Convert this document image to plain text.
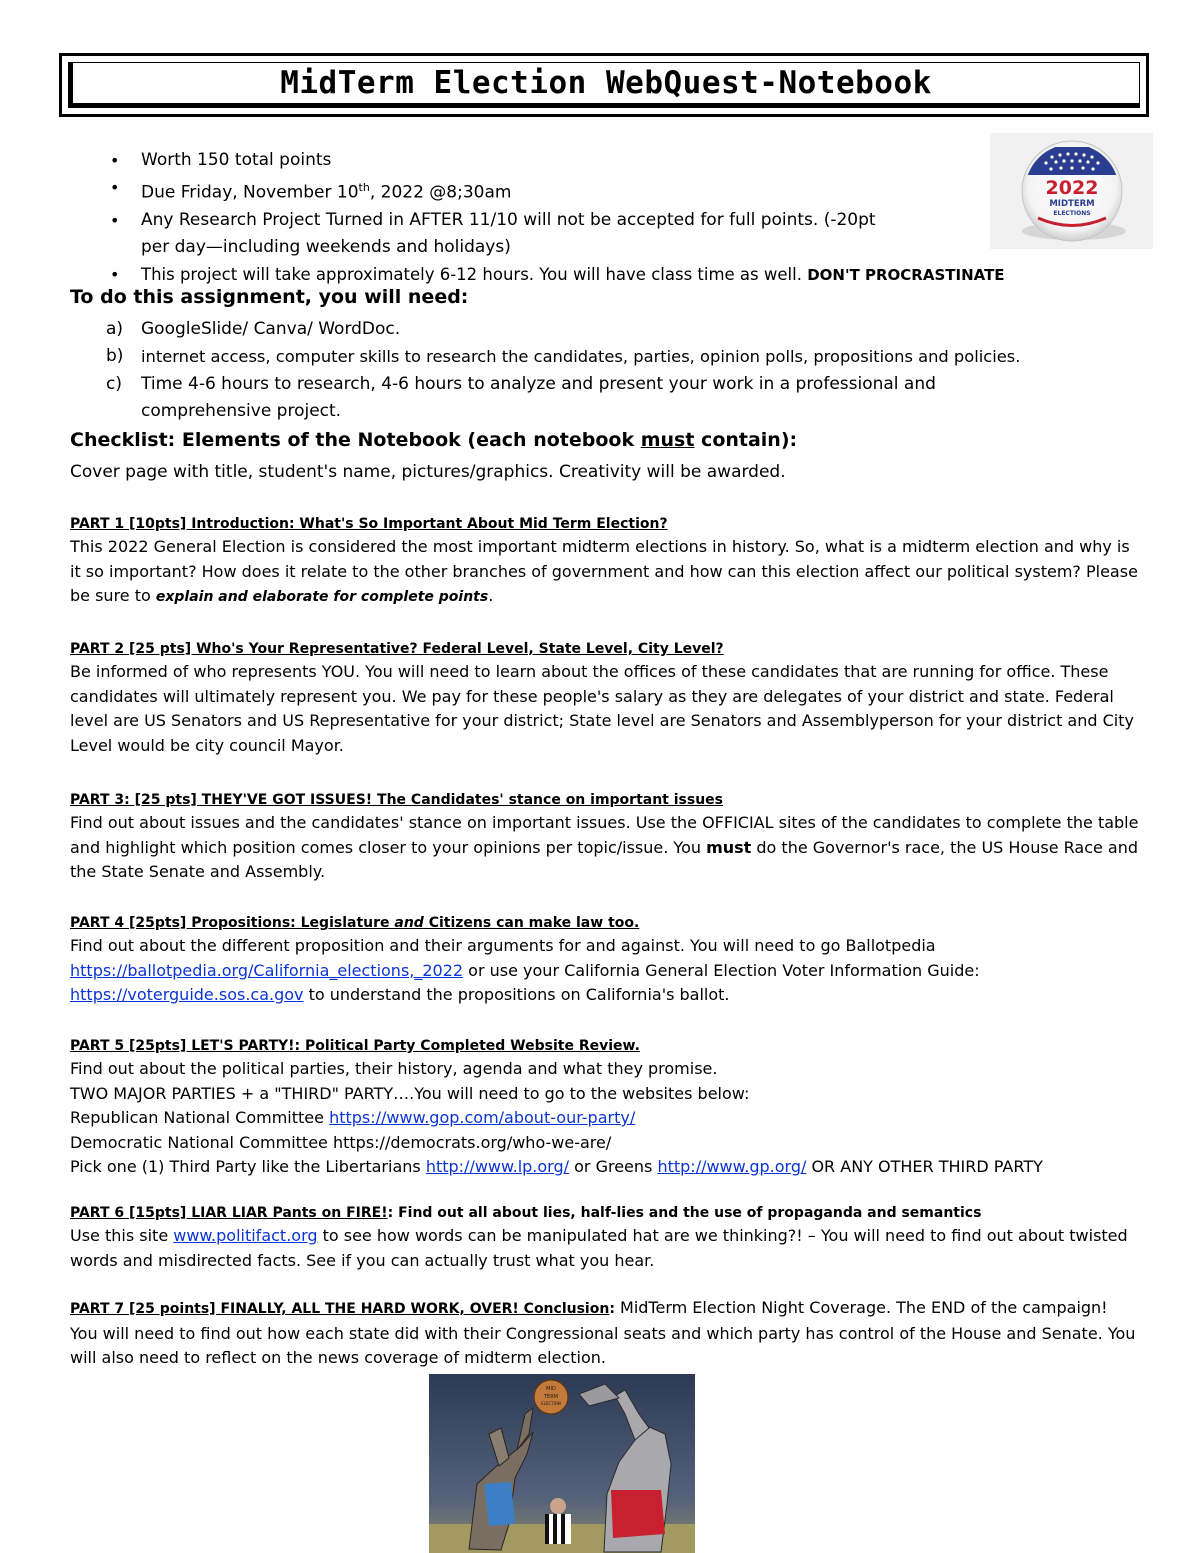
MidTerm Election WebQuest-Notebook
2022
MIDTERM
ELECTIONS
• Worth 150 total points
• Due Friday, November 10th, 2022 @8;30am
• Any Research Project Turned in AFTER 11/10 will not be accepted for full points. (-20pt
per day—including weekends and holidays)
• This project will take approximately 6-12 hours. You will have class time as well. DON'T PROCRASTINATE
To do this assignment, you will need:
a) GoogleSlide/ Canva/ WordDoc.
b) internet access, computer skills to research the candidates, parties, opinion polls, propositions and policies.
c) Time 4-6 hours to research, 4-6 hours to analyze and present your work in a professional and comprehensive project.
Checklist: Elements of the Notebook (each notebook must contain):
Cover page with title, student's name, pictures/graphics. Creativity will be awarded.
PART 1 [10pts] Introduction: What's So Important About Mid Term Election?
This 2022 General Election is considered the most important midterm elections in history. So, what is a midterm election and why is it so important? How does it relate to the other branches of government and how can this election affect our political system? Please be sure to explain and elaborate for complete points.
PART 2 [25 pts] Who's Your Representative? Federal Level, State Level, City Level?
Be informed of who represents YOU. You will need to learn about the offices of these candidates that are running for office. These candidates will ultimately represent you. We pay for these people's salary as they are delegates of your district and state. Federal level are US Senators and US Representative for your district; State level are Senators and Assemblyperson for your district and City Level would be city council Mayor.
PART 3: [25 pts] THEY'VE GOT ISSUES! The Candidates' stance on important issues
Find out about issues and the candidates' stance on important issues. Use the OFFICIAL sites of the candidates to complete the table and highlight which position comes closer to your opinions per topic/issue. You must do the Governor's race, the US House Race and the State Senate and Assembly.
PART 4 [25pts] Propositions: Legislature and Citizens can make law too.
Find out about the different proposition and their arguments for and against. You will need to go Ballotpedia
https://ballotpedia.org/California_elections,_2022 or use your California General Election Voter Information Guide:
https://voterguide.sos.ca.gov to understand the propositions on California's ballot.
PART 5 [25pts] LET'S PARTY!: Political Party Completed Website Review.
Find out about the political parties, their history, agenda and what they promise.
TWO MAJOR PARTIES + a "THIRD" PARTY….You will need to go to the websites below:
Republican National Committee https://www.gop.com/about-our-party/
Democratic National Committee https://democrats.org/who-we-are/
Pick one (1) Third Party like the Libertarians http://www.lp.org/ or Greens http://www.gp.org/ OR ANY OTHER THIRD PARTY
PART 6 [15pts] LIAR LIAR Pants on FIRE!: Find out all about lies, half-lies and the use of propaganda and semantics
Use this site www.politifact.org to see how words can be manipulated hat are we thinking?! – You will need to find out about twisted words and misdirected facts. See if you can actually trust what you hear.
PART 7 [25 points] FINALLY, ALL THE HARD WORK, OVER! Conclusion: MidTerm Election Night Coverage. The END of the campaign! You will need to find out how each state did with their Congressional seats and which party has control of the House and Senate. You will also need to reflect on the news coverage of midterm election.
MID
TERM
ELECTION
